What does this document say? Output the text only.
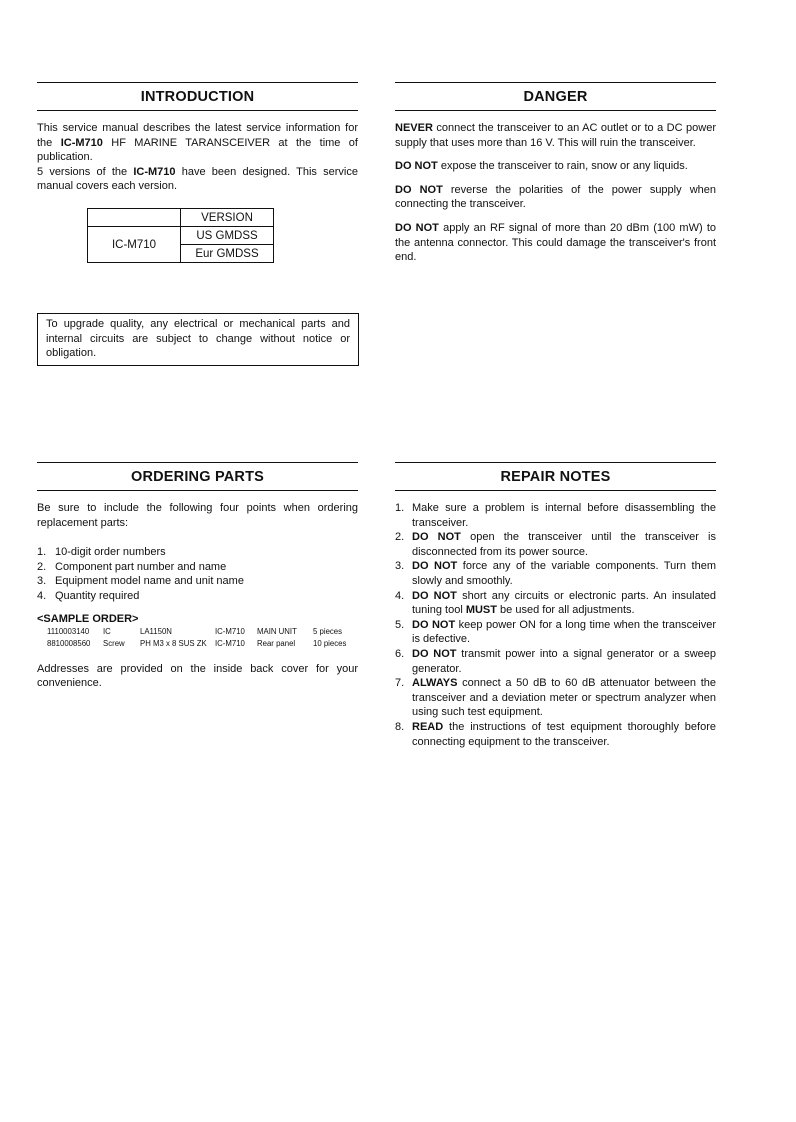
INTRODUCTION

This service manual describes the latest service information for the IC-M710 HF MARINE TARANSCEIVER at the time of publication.

5 versions of the IC-M710 have been designed. This service manual covers each version.

	VERSION
IC-M710	US GMDSS
	Eur GMDSS
To upgrade quality, any electrical or mechanical parts and internal circuits are subject to change without notice or obligation.
DANGER

NEVER connect the transceiver to an AC outlet or to a DC power supply that uses more than 16 V. This will ruin the transceiver.

DO NOT expose the transceiver to rain, snow or any liquids.

DO NOT reverse the polarities of the power supply when connecting the transceiver.

DO NOT apply an RF signal of more than 20 dBm (100 mW) to the antenna connector. This could damage the transceiver's front end.

ORDERING PARTS

Be sure to include the following four points when ordering replacement parts:

1. 10-digit order numbers
2. Component part number and name
3. Equipment model name and unit name
4. Quantity required
<SAMPLE ORDER>
1110003140	IC	LA1150N	IC-M710	MAIN UNIT	5 pieces
8810008560	Screw	PH M3 x 8 SUS ZK	IC-M710	Rear panel	10 pieces

Addresses are provided on the inside back cover for your convenience.

REPAIR NOTES
1. Make sure a problem is internal before disassembling the transceiver.
2. DO NOT open the transceiver until the transceiver is disconnected from its power source.
3. DO NOT force any of the variable components. Turn them slowly and smoothly.
4. DO NOT short any circuits or electronic parts. An insulated tuning tool MUST be used for all adjustments.
5. DO NOT keep power ON for a long time when the transceiver is defective.
6. DO NOT transmit power into a signal generator or a sweep generator.
7. ALWAYS connect a 50 dB to 60 dB attenuator between the transceiver and a deviation meter or spectrum analyzer when using such test equipment.
8. READ the instructions of test equipment thoroughly before connecting equipment to the transceiver.
